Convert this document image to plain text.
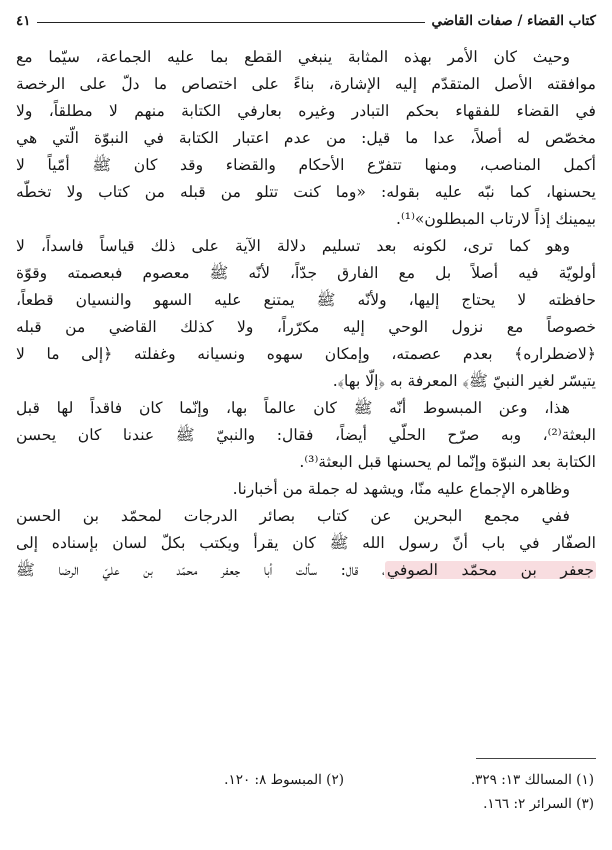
كتاب القضاء / صفات القاضي
٤١
وحيث كان الأمر بهذه المثابة ينبغي القطع بما عليه الجماعة، سيّما مع
موافقته الأصل المتقدّم إليه الإشارة، بناءً على اختصاص ما دلّ على الرخصة
في القضاء للفقهاء بحكم التبادر وغيره بعارفي الكتابة منهم لا مطلقاً، ولا
مخصّص له أصلاً، عدا ما قيل: من عدم اعتبار الكتابة في النبوّة الّتي هي
أكمل المناصب، ومنها تتفرّع الأحكام والقضاء وقد كان ﷺ أمّياً لا
يحسنها، كما نبّه عليه بقوله: «وما كنت تتلو من قبله من كتاب ولا تخطّه
بيمينك إذاً لارتاب المبطلون»⁽¹⁾.
وهو كما ترى، لكونه بعد تسليم دلالة الآية على ذلك قياساً فاسداً، لا
أولويّة فيه أصلاً بل مع الفارق جدّاً، لأنّه ﷺ معصوم فبعصمته وقوّة
حافظته لا يحتاج إليها، ولأنّه ﷺ يمتنع عليه السهو والنسيان قطعاً،
خصوصاً مع نزول الوحي إليه مكرّراً، ولا كذلك القاضي من قبله
﴿لاضطراره﴾ بعدم عصمته، وإمكان سهوه ونسيانه وغفلته ﴿إلى ما لا
يتيسّر لغير النبيّ ﷺ﴾ المعرفة به ﴿إلّا بها﴾.
هذا، وعن المبسوط أنّه ﷺ كان عالماً بها، وإنّما كان فاقداً لها قبل
البعثة⁽²⁾، وبه صرّح الحلّي أيضاً، فقال: والنبيّ ﷺ عندنا كان يحسن
الكتابة بعد النبوّة وإنّما لم يحسنها قبل البعثة⁽³⁾.
وظاهره الإجماع عليه منّا، ويشهد له جملة من أخبارنا.
ففي مجمع البحرين عن كتاب بصائر الدرجات لمحمّد بن الحسن
الصفّار في باب أنّ رسول الله ﷺ كان يقرأ ويكتب بكلّ لسان بإسناده إلى
جعفر بن محمّد الصوفي، قال: سألت أبا جعفر محمّد بن عليّ الرضا ﷺ
(١) المسالك ١٣: ٣٢٩.
(٢) المبسوط ٨: ١٢٠.
(٣) السرائر ٢: ١٦٦.
